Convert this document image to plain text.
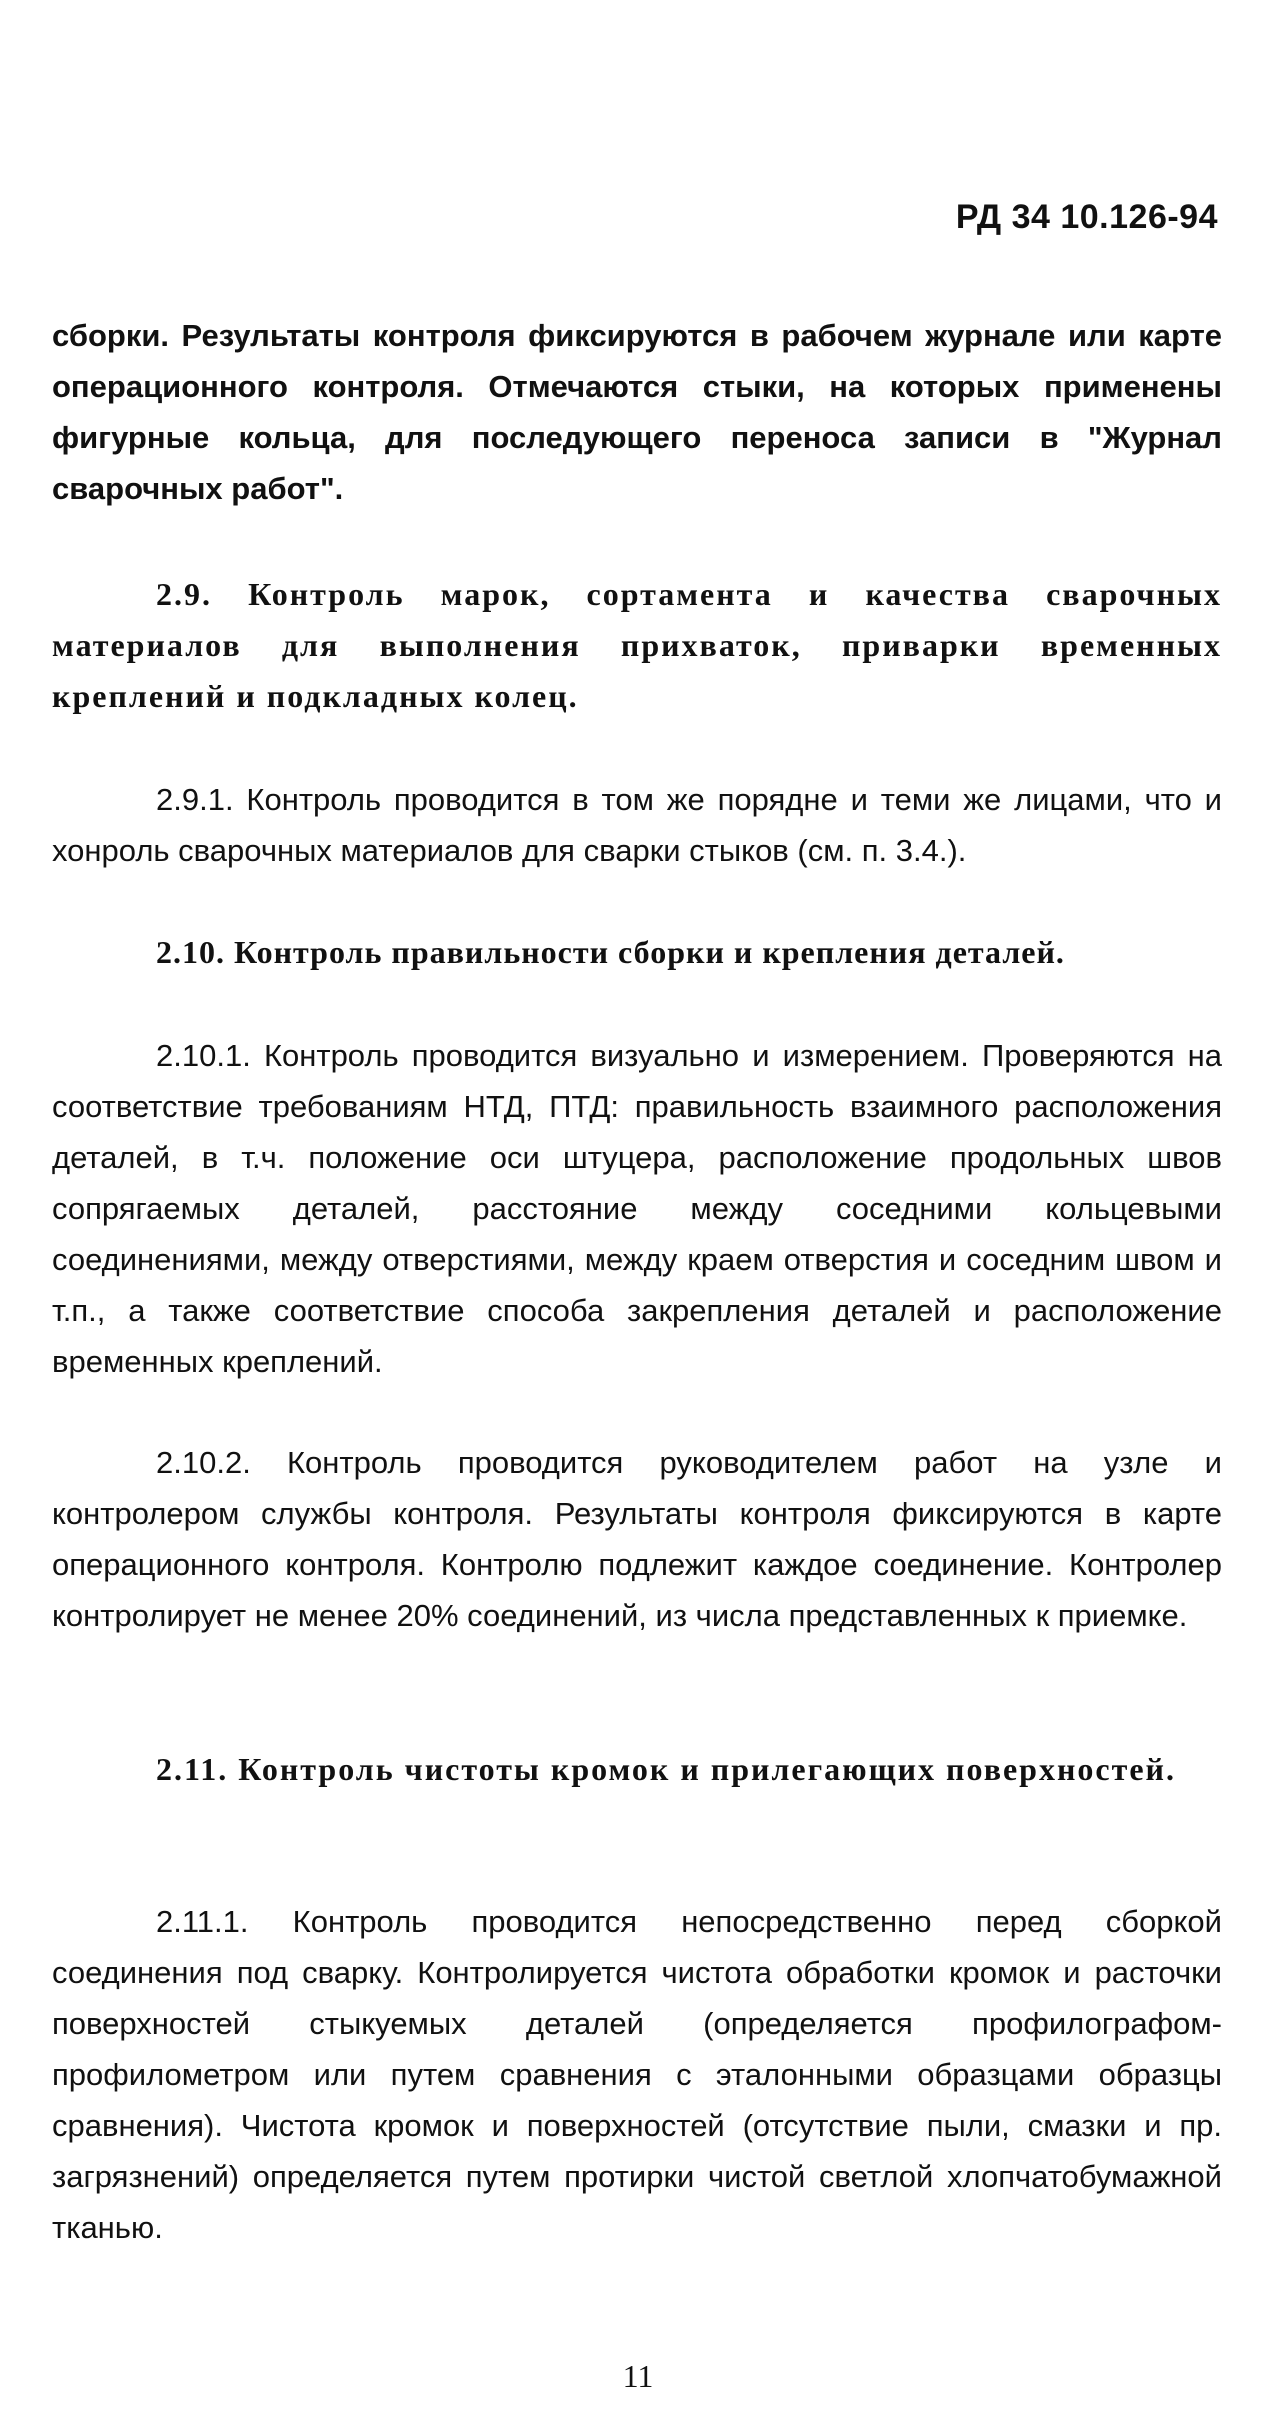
РД 34 10.126-94
сборки. Результаты контроля фиксируются в рабочем журнале или карте операционного контроля. Отмечаются стыки, на которых применены фигурные кольца, для последующего переноса записи в "Журнал сварочных работ".
2.9. Контроль марок, сортамента и качества сварочных материалов для выполнения прихваток, приварки временных креплений и подкладных колец.
2.9.1. Контроль проводится в том же порядне и теми же лицами, что и хонроль сварочных материалов для сварки стыков (см. п. 3.4.).
2.10. Контроль правильности сборки и крепления деталей.
2.10.1. Контроль проводится визуально и измерением. Проверяются на соответствие требованиям НТД, ПТД: правильность взаимного расположения деталей, в т.ч. положение оси штуцера, расположение продольных швов сопрягаемых деталей, расстояние между соседними кольцевыми соединениями, между отверстиями, между краем отверстия и соседним швом и т.п., а также соответствие способа закрепления деталей и расположение временных креплений.
2.10.2. Контроль проводится руководителем работ на узле и контролером службы контроля. Результаты контроля фиксируются в карте операционного контроля. Контролю подлежит каждое соединение. Контролер контролирует не менее 20% соединений, из числа представленных к приемке.
2.11. Контроль чистоты кромок и прилегающих поверхностей.
2.11.1. Контроль проводится непосредственно перед сборкой соединения под сварку. Контролируется чистота обработки кромок и расточки поверхностей стыкуемых деталей (определяется профилографом-профилометром или путем сравнения с эталонными образцами образцы сравнения). Чистота кромок и поверхностей (отсутствие пыли, смазки и пр. загрязнений) определяется путем протирки чистой светлой хлопчатобумажной тканью.
11
